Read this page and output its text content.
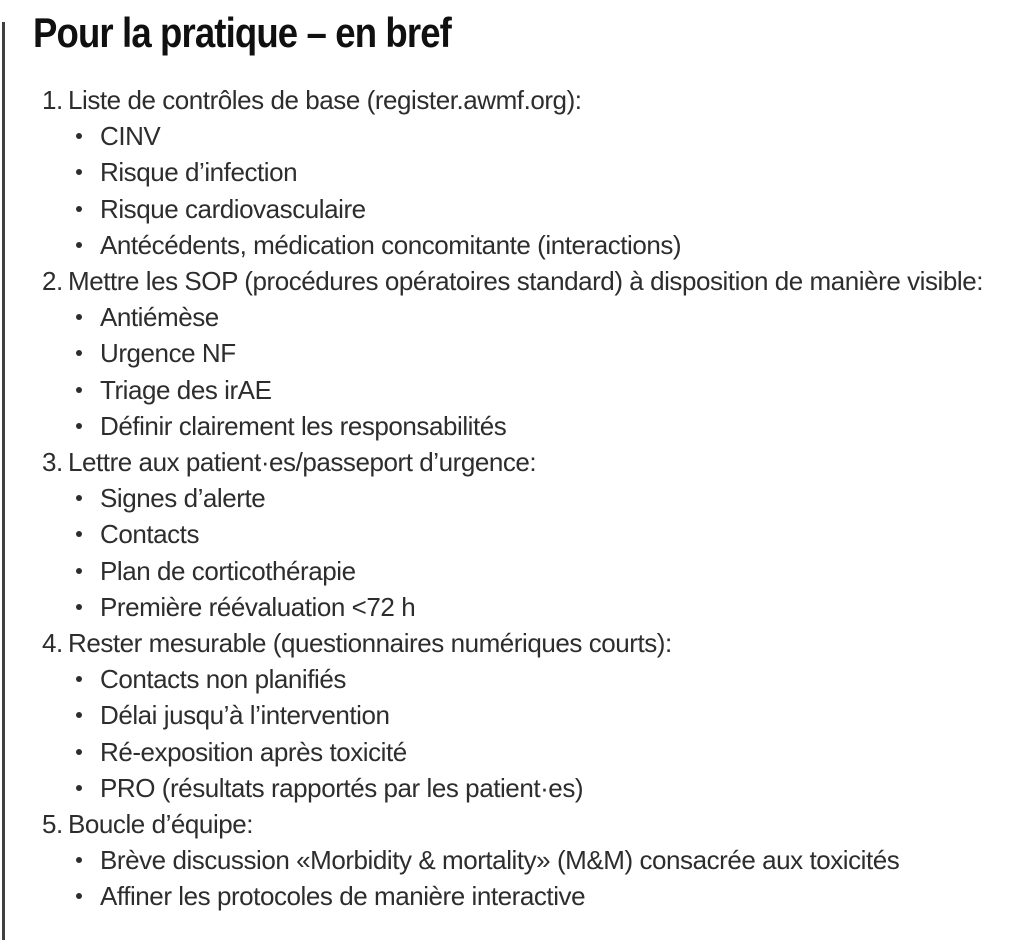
Pour la pratique – en bref
1. Liste de contrôles de base (register.awmf.org):
CINV
Risque d’infection
Risque cardiovasculaire
Antécédents, médication concomitante (interactions)
2. Mettre les SOP (procédures opératoires standard) à disposition de manière visible:
Antiémèse
Urgence NF
Triage des irAE
Définir clairement les responsabilités
3. Lettre aux patient·es/passeport d’urgence:
Signes d’alerte
Contacts
Plan de corticothérapie
Première réévaluation <72 h
4. Rester mesurable (questionnaires numériques courts):
Contacts non planifiés
Délai jusqu’à l’intervention
Ré-exposition après toxicité
PRO (résultats rapportés par les patient·es)
5. Boucle d’équipe:
Brève discussion «Morbidity & mortality» (M&M) consacrée aux toxicités
Affiner les protocoles de manière interactive
